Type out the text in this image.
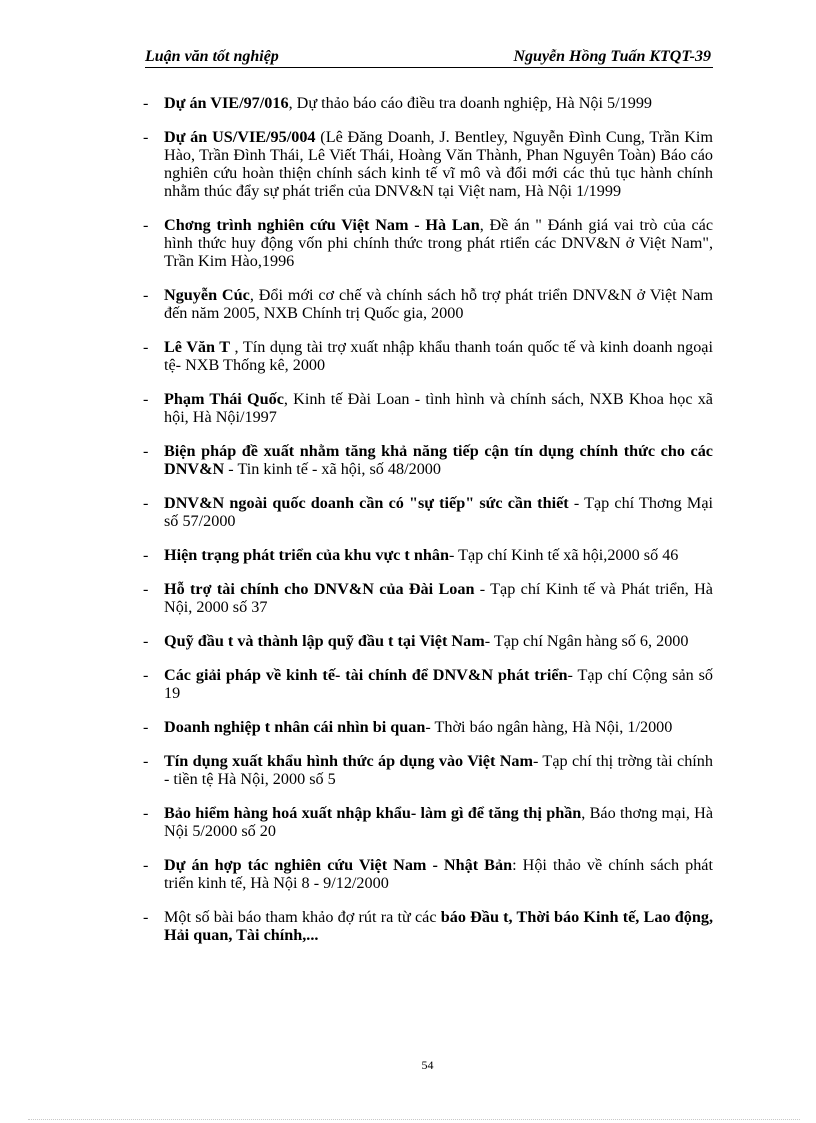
Luận văn tốt nghiệp	Nguyễn Hồng Tuấn KTQT-39
- Dự án VIE/97/016, Dự thảo báo cáo điều tra doanh nghiệp, Hà Nội 5/1999
- Dự án US/VIE/95/004 (Lê Đăng Doanh, J. Bentley, Nguyễn Đình Cung, Trần Kim Hào, Trần Đình Thái, Lê Viết Thái, Hoàng Văn Thành, Phan Nguyên Toàn) Báo cáo nghiên cứu hoàn thiện chính sách kinh tế vĩ mô và đổi mới các thủ tục hành chính nhằm thúc đẩy sự phát triển của DNV&N tại Việt nam, Hà Nội 1/1999
- Chơng trình nghiên cứu Việt Nam - Hà Lan, Đề án " Đánh giá vai trò của các hình thức huy động vốn phi chính thức trong phát rtiển các DNV&N ở Việt Nam", Trần Kim Hào,1996
- Nguyễn Cúc, Đổi mới cơ chế và chính sách hỗ trợ phát triển DNV&N ở Việt Nam đến năm 2005, NXB Chính trị Quốc gia, 2000
- Lê Văn T , Tín dụng tài trợ xuất nhập khẩu thanh toán quốc tế và kinh doanh ngoại tệ- NXB Thống kê, 2000
- Phạm Thái Quốc, Kinh tế Đài Loan - tình hình và chính sách, NXB Khoa học xã hội, Hà Nội/1997
- Biện pháp đề xuất nhằm tăng khả năng tiếp cận tín dụng chính thức cho các DNV&N - Tin kinh tế - xã hội, số 48/2000
- DNV&N ngoài quốc doanh cần có "sự tiếp" sức cần thiết - Tạp chí Thơng Mại số 57/2000
- Hiện trạng phát triển của khu vực t nhân- Tạp chí Kinh tế xã hội,2000 số 46
- Hỗ trợ tài chính cho DNV&N của Đài Loan - Tạp chí Kinh tế và Phát triển, Hà Nội, 2000 số 37
- Quỹ đầu t và thành lập quỹ đầu t tại Việt Nam- Tạp chí Ngân hàng số 6, 2000
- Các giải pháp về kinh tế- tài chính để DNV&N phát triển- Tạp chí Cộng sản số 19
- Doanh nghiệp t nhân cái nhìn bi quan- Thời báo ngân hàng, Hà Nội, 1/2000
- Tín dụng xuất khẩu hình thức áp dụng vào Việt Nam- Tạp chí thị trờng tài chính - tiền tệ Hà Nội, 2000 số 5
- Bảo hiểm hàng hoá xuất nhập khẩu- làm gì để tăng thị phần, Báo thơng mại, Hà Nội 5/2000 số 20
- Dự án hợp tác nghiên cứu Việt Nam - Nhật Bản: Hội thảo về chính sách phát triển kinh tế, Hà Nội 8 - 9/12/2000
- Một số bài báo tham khảo đợ rút ra từ các báo Đầu t, Thời báo Kinh tế, Lao động, Hải quan, Tài chính,...
54
